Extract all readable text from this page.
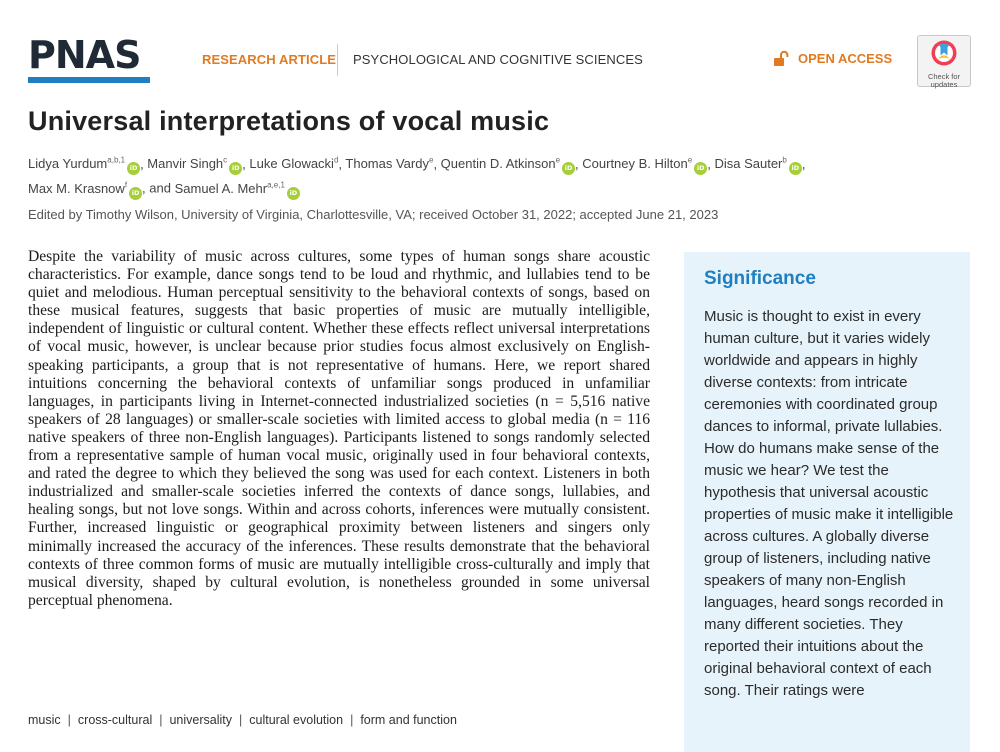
PNAS	RESEARCH ARTICLE PSYCHOLOGICAL AND COGNITIVE SCIENCES	OPEN ACCESS
Check for
updates
Universal interpretations of vocal music
Lidya Yurdum$^{a,b,1}$iD , Manvir Singh$^c$iD , Luke Glowacki$^d$, Thomas Vardy$^e$, Quentin D. Atkinson$^e$iD , Courtney B. Hilton$^e$iD , Disa Sauter$^b$iD , Max M. Krasnow$^f$iD , and Samuel A. Mehr$^{a,e,1}$iD
Edited by Timothy Wilson, University of Virginia, Charlottesville, VA; received October 31, 2022; accepted June 21, 2023

Despite the variability of music across cultures, some types of human songs share acoustic characteristics. For example, dance songs tend to be loud and rhythmic, and lullabies tend to be quiet and melodious. Human perceptual sensitivity to the behavioral contexts of songs, based on these musical features, suggests that basic properties of music are mutually intelligible, independent of linguistic or cultural content. Whether these effects reflect universal interpretations of vocal music, however, is unclear because prior studies focus almost exclusively on English-speaking participants, a group that is not representative of humans. Here, we report shared intuitions concerning the behavioral contexts of unfamiliar songs produced in unfamiliar languages, in participants living in Internet-connected industrialized societies (n = 5,516 native speakers of 28 languages) or smaller-scale societies with limited access to global media (n = 116 native speakers of three non-English languages). Participants listened to songs randomly selected from a representative sample of human vocal music, originally used in four behavioral contexts, and rated the degree to which they believed the song was used for each context. Listeners in both industrialized and smaller-scale societies inferred the contexts of dance songs, lullabies, and healing songs, but not love songs. Within and across cohorts, inferences were mutually consistent. Further, increased linguistic or geographical proximity between listeners and singers only minimally increased the accuracy of the inferences. These results demonstrate that the behavioral contexts of three common forms of music are mutually intelligible cross-culturally and imply that musical diversity, shaped by cultural evolution, is nonetheless grounded in some universal perceptual phenomena.

music | cross-cultural | universality | cultural evolution | form and function
Significance

Music is thought to exist in every human culture, but it varies widely worldwide and appears in highly diverse contexts: from intricate ceremonies with coordinated group dances to informal, private lullabies. How do humans make sense of the music we hear? We test the hypothesis that universal acoustic properties of music make it intelligible across cultures. A globally diverse group of listeners, including native speakers of many non-English languages, heard songs recorded in many different societies. They reported their intuitions about the original behavioral context of each song. Their ratings were
